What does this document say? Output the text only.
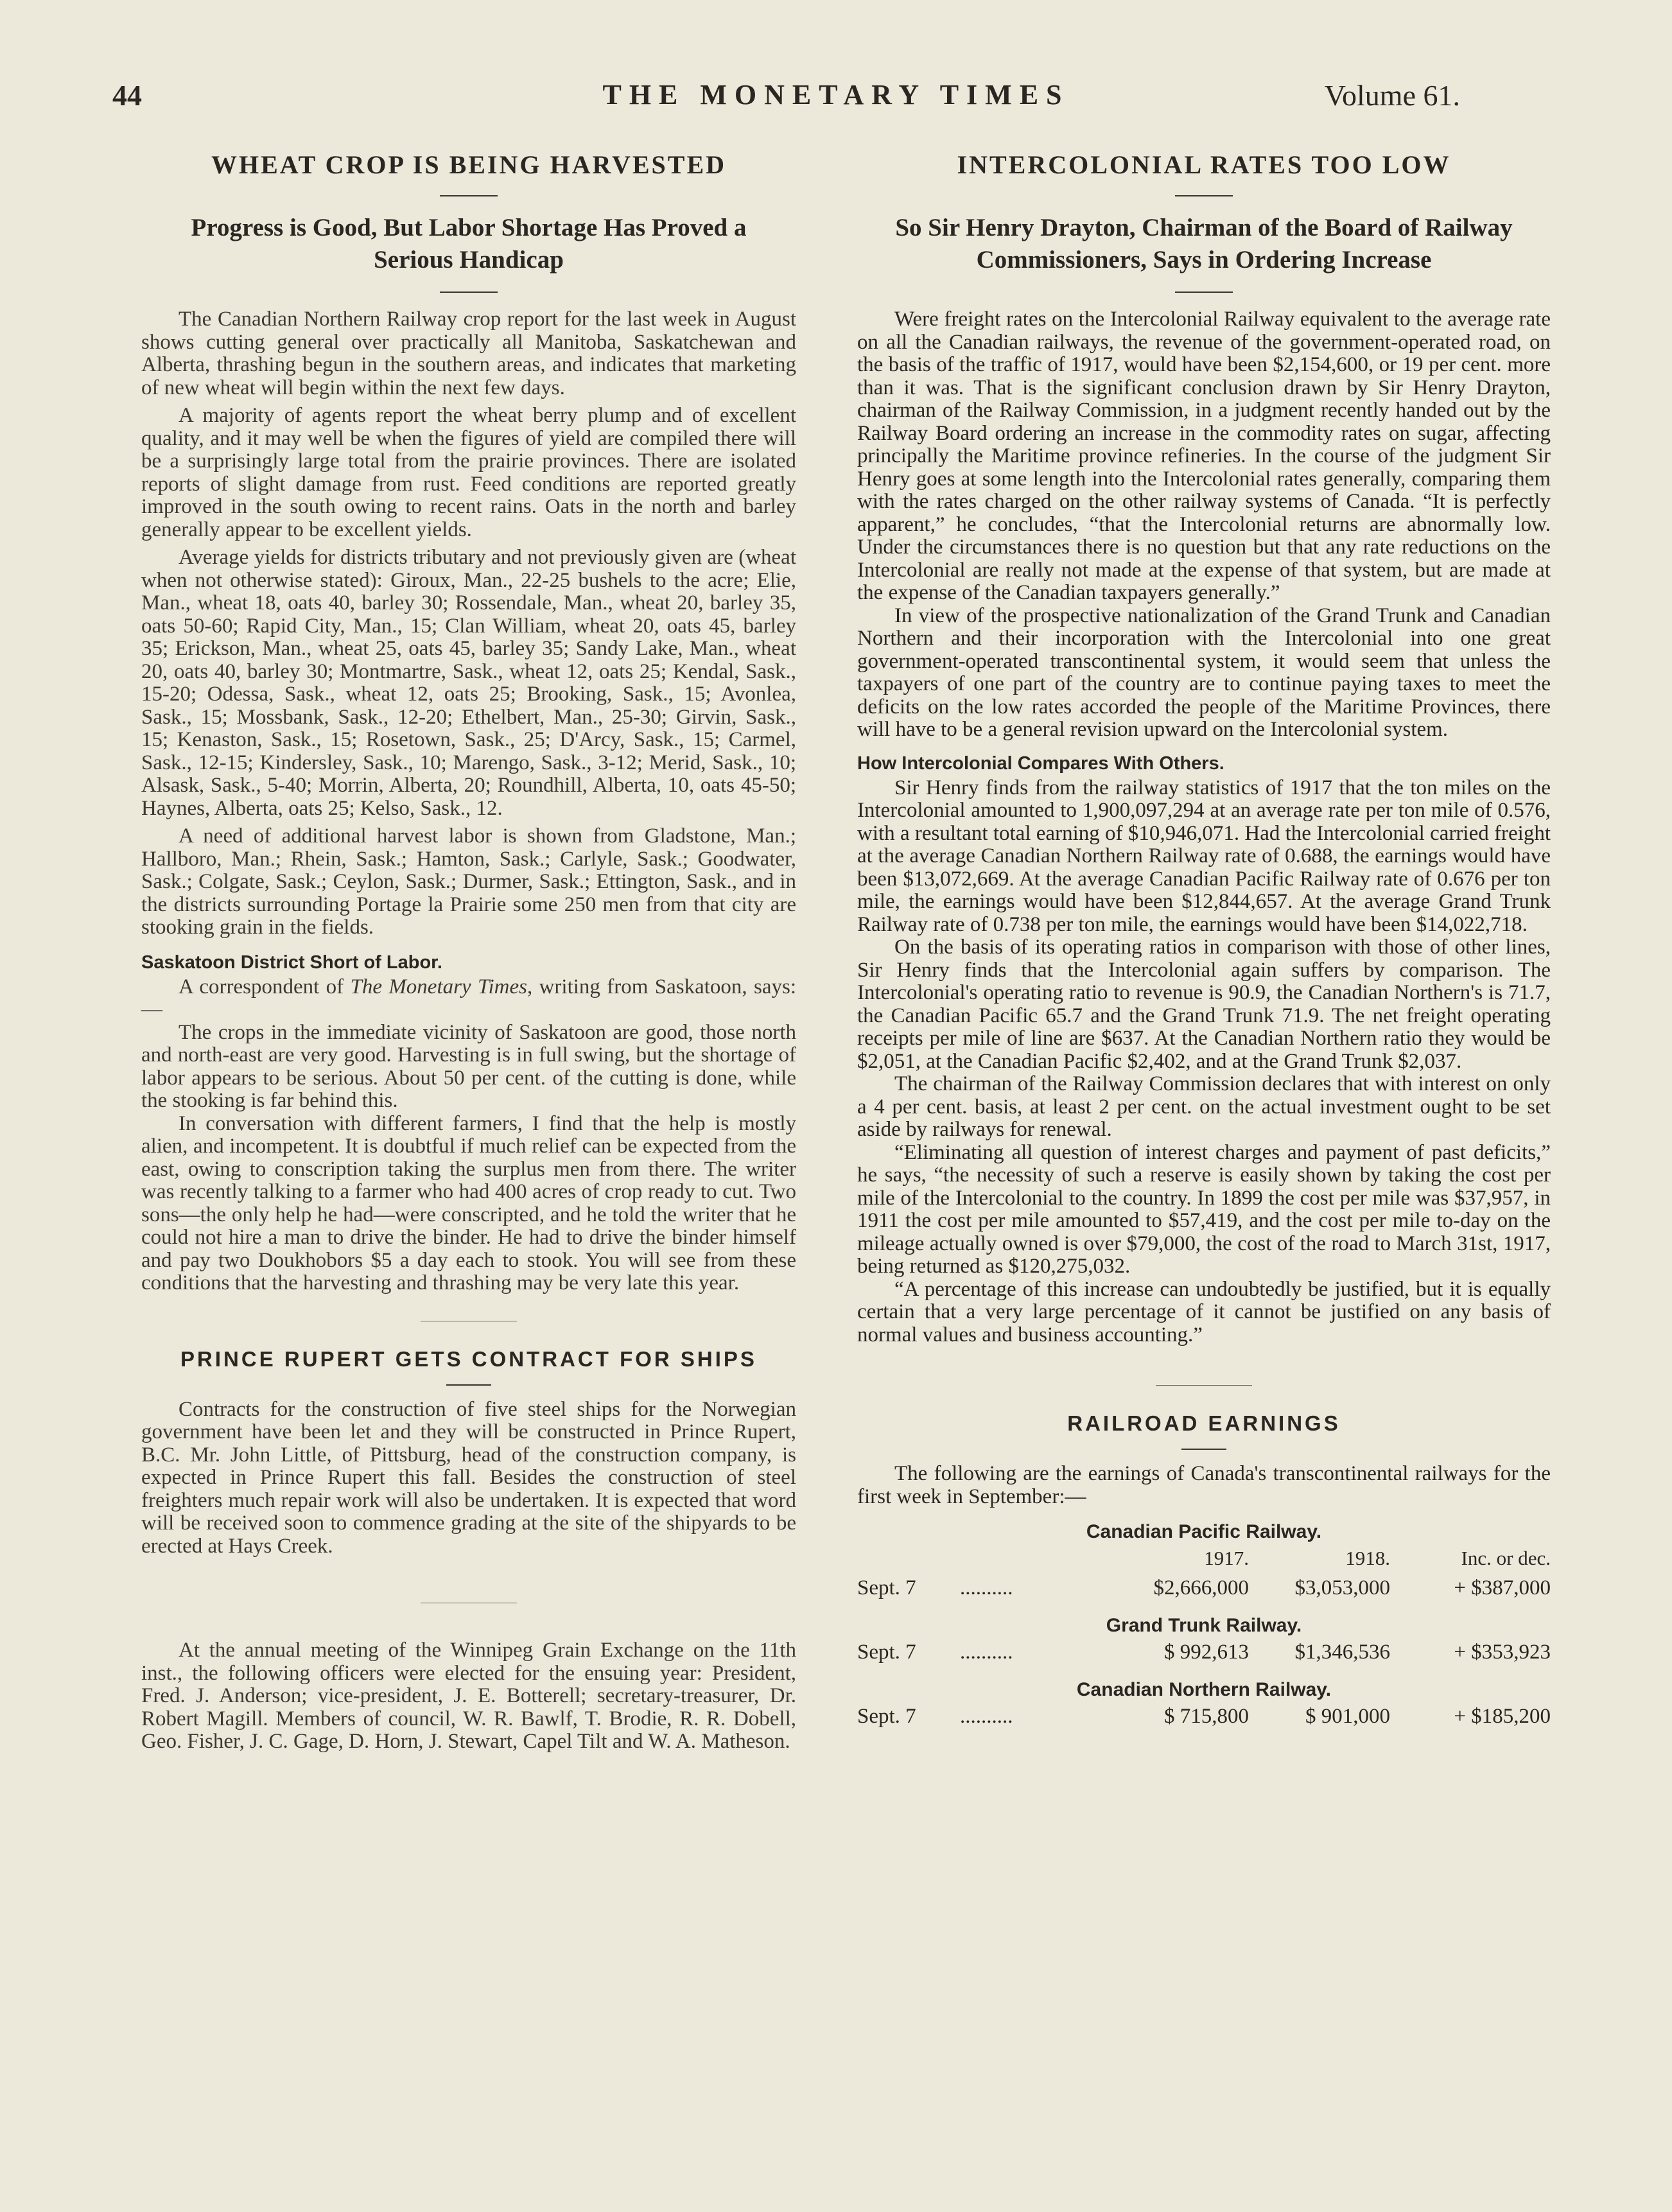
44	THE MONETARY TIMES	Volume 61.
WHEAT CROP IS BEING HARVESTED
Progress is Good, But Labor Shortage Has Proved a Serious Handicap

The Canadian Northern Railway crop report for the last week in August shows cutting general over practically all Manitoba, Saskatchewan and Alberta, thrashing begun in the southern areas, and indicates that marketing of new wheat will begin within the next few days.

A majority of agents report the wheat berry plump and of excellent quality, and it may well be when the figures of yield are compiled there will be a surprisingly large total from the prairie provinces. There are isolated reports of slight damage from rust. Feed conditions are reported greatly improved in the south owing to recent rains. Oats in the north and barley generally appear to be excellent yields.

Average yields for districts tributary and not previously given are (wheat when not otherwise stated): Giroux, Man., 22-25 bushels to the acre; Elie, Man., wheat 18, oats 40, barley 30; Rossendale, Man., wheat 20, barley 35, oats 50-60; Rapid City, Man., 15; Clan William, wheat 20, oats 45, barley 35; Erickson, Man., wheat 25, oats 45, barley 35; Sandy Lake, Man., wheat 20, oats 40, barley 30; Montmartre, Sask., wheat 12, oats 25; Kendal, Sask., 15-20; Odessa, Sask., wheat 12, oats 25; Brooking, Sask., 15; Avonlea, Sask., 15; Mossbank, Sask., 12-20; Ethelbert, Man., 25-30; Girvin, Sask., 15; Kenaston, Sask., 15; Rosetown, Sask., 25; D'Arcy, Sask., 15; Carmel, Sask., 12-15; Kindersley, Sask., 10; Marengo, Sask., 3-12; Merid, Sask., 10; Alsask, Sask., 5-40; Morrin, Alberta, 20; Roundhill, Alberta, 10, oats 45-50; Haynes, Alberta, oats 25; Kelso, Sask., 12.

A need of additional harvest labor is shown from Gladstone, Man.; Hallboro, Man.; Rhein, Sask.; Hamton, Sask.; Carlyle, Sask.; Goodwater, Sask.; Colgate, Sask.; Ceylon, Sask.; Durmer, Sask.; Ettington, Sask., and in the districts surrounding Portage la Prairie some 250 men from that city are stooking grain in the fields.

Saskatoon District Short of Labor.

A correspondent of The Monetary Times, writing from Saskatoon, says:—

The crops in the immediate vicinity of Saskatoon are good, those north and north-east are very good. Harvesting is in full swing, but the shortage of labor appears to be serious. About 50 per cent. of the cutting is done, while the stooking is far behind this.

In conversation with different farmers, I find that the help is mostly alien, and incompetent. It is doubtful if much relief can be expected from the east, owing to conscription taking the surplus men from there. The writer was recently talking to a farmer who had 400 acres of crop ready to cut. Two sons—the only help he had—were conscripted, and he told the writer that he could not hire a man to drive the binder. He had to drive the binder himself and pay two Doukhobors $5 a day each to stook. You will see from these conditions that the harvesting and thrashing may be very late this year.

PRINCE RUPERT GETS CONTRACT FOR SHIPS

Contracts for the construction of five steel ships for the Norwegian government have been let and they will be constructed in Prince Rupert, B.C. Mr. John Little, of Pittsburg, head of the construction company, is expected in Prince Rupert this fall. Besides the construction of steel freighters much repair work will also be undertaken. It is expected that word will be received soon to commence grading at the site of the shipyards to be erected at Hays Creek.

At the annual meeting of the Winnipeg Grain Exchange on the 11th inst., the following officers were elected for the ensuing year: President, Fred. J. Anderson; vice-president, J. E. Botterell; secretary-treasurer, Dr. Robert Magill. Members of council, W. R. Bawlf, T. Brodie, R. R. Dobell, Geo. Fisher, J. C. Gage, D. Horn, J. Stewart, Capel Tilt and W. A. Matheson.

INTERCOLONIAL RATES TOO LOW
So Sir Henry Drayton, Chairman of the Board of Railway Commissioners, Says in Ordering Increase

Were freight rates on the Intercolonial Railway equivalent to the average rate on all the Canadian railways, the revenue of the government-operated road, on the basis of the traffic of 1917, would have been $2,154,600, or 19 per cent. more than it was. That is the significant conclusion drawn by Sir Henry Drayton, chairman of the Railway Commission, in a judgment recently handed out by the Railway Board ordering an increase in the commodity rates on sugar, affecting principally the Maritime province refineries. In the course of the judgment Sir Henry goes at some length into the Intercolonial rates generally, comparing them with the rates charged on the other railway systems of Canada. “It is perfectly apparent,” he concludes, “that the Intercolonial returns are abnormally low. Under the circumstances there is no question but that any rate reductions on the Intercolonial are really not made at the expense of that system, but are made at the expense of the Canadian taxpayers generally.”

In view of the prospective nationalization of the Grand Trunk and Canadian Northern and their incorporation with the Intercolonial into one great government-operated transcontinental system, it would seem that unless the taxpayers of one part of the country are to continue paying taxes to meet the deficits on the low rates accorded the people of the Maritime Provinces, there will have to be a general revision upward on the Intercolonial system.

How Intercolonial Compares With Others.

Sir Henry finds from the railway statistics of 1917 that the ton miles on the Intercolonial amounted to 1,900,097,294 at an average rate per ton mile of 0.576, with a resultant total earning of $10,946,071. Had the Intercolonial carried freight at the average Canadian Northern Railway rate of 0.688, the earnings would have been $13,072,669. At the average Canadian Pacific Railway rate of 0.676 per ton mile, the earnings would have been $12,844,657. At the average Grand Trunk Railway rate of 0.738 per ton mile, the earnings would have been $14,022,718.

On the basis of its operating ratios in comparison with those of other lines, Sir Henry finds that the Intercolonial again suffers by comparison. The Intercolonial's operating ratio to revenue is 90.9, the Canadian Northern's is 71.7, the Canadian Pacific 65.7 and the Grand Trunk 71.9. The net freight operating receipts per mile of line are $637. At the Canadian Northern ratio they would be $2,051, at the Canadian Pacific $2,402, and at the Grand Trunk $2,037.

The chairman of the Railway Commission declares that with interest on only a 4 per cent. basis, at least 2 per cent. on the actual investment ought to be set aside by railways for renewal.

“Eliminating all question of interest charges and payment of past deficits,” he says, “the necessity of such a reserve is easily shown by taking the cost per mile of the Intercolonial to the country. In 1899 the cost per mile was $37,957, in 1911 the cost per mile amounted to $57,419, and the cost per mile to-day on the mileage actually owned is over $79,000, the cost of the road to March 31st, 1917, being returned as $120,275,032.

“A percentage of this increase can undoubtedly be justified, but it is equally certain that a very large percentage of it cannot be justified on any basis of normal values and business accounting.”

RAILROAD EARNINGS

The following are the earnings of Canada's transcontinental railways for the first week in September:—

Canadian Pacific Railway.
1917.	1918.	Inc. or dec.
Sept. 7 ..........	$2,666,000 $3,053,000	+ $387,000
Grand Trunk Railway.
Sept. 7 ..........	$ 992,613 $1,346,536	+ $353,923
Canadian Northern Railway.
Sept. 7 ..........	$ 715,800	$ 901,000	+ $185,200
